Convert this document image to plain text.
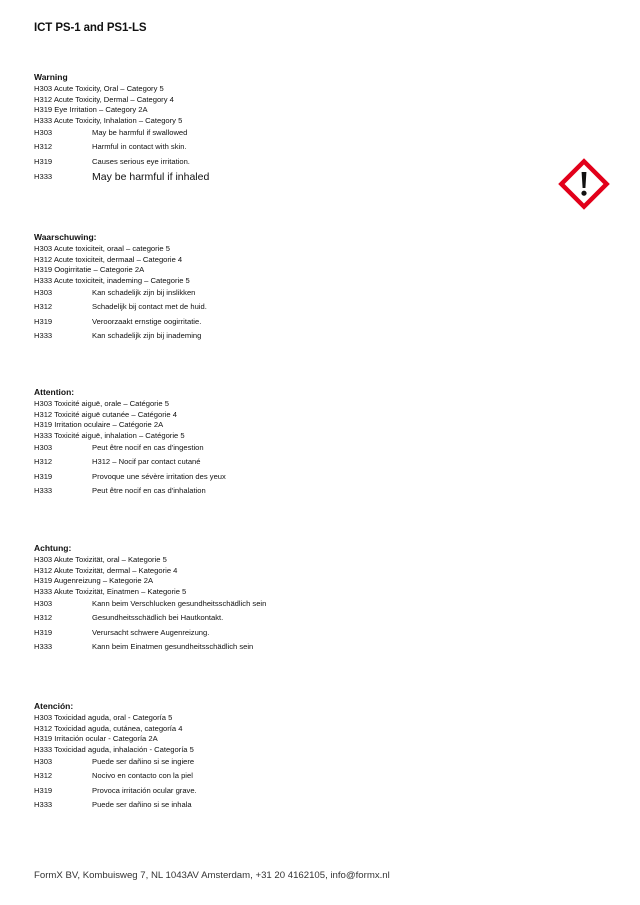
ICT PS-1 and PS1-LS
Warning
H303 Acute Toxicity, Oral – Category 5
H312 Acute Toxicity, Dermal – Category 4
H319 Eye Irritation – Category 2A
H333 Acute Toxicity, Inhalation – Category 5
H303	May be harmful if swallowed
H312	Harmful in contact with skin.
H319	Causes serious eye irritation.
H333	May be harmful if inhaled
Waarschuwing:
H303 Acute toxiciteit, oraal – categorie 5
H312 Acute toxiciteit, dermaal – Categorie 4
H319 Oogirritatie – Categorie 2A
H333 Acute toxiciteit, inademing – Categorie 5
H303	Kan schadelijk zijn bij inslikken
H312	Schadelijk bij contact met de huid.
H319	Veroorzaakt ernstige oogirritatie.
H333	Kan schadelijk zijn bij inademing
Attention:
H303 Toxicité aiguë, orale – Catégorie 5
H312 Toxicité aiguë cutanée – Catégorie 4
H319 Irritation oculaire – Catégorie 2A
H333 Toxicité aiguë, inhalation – Catégorie 5
H303	Peut être nocif en cas d'ingestion
H312	H312 – Nocif par contact cutané
H319	Provoque une sévère irritation des yeux
H333	Peut être nocif en cas d'inhalation
Achtung:
H303 Akute Toxizität, oral – Kategorie 5
H312 Akute Toxizität, dermal – Kategorie 4
H319 Augenreizung – Kategorie 2A
H333 Akute Toxizität, Einatmen – Kategorie 5
H303	Kann beim Verschlucken gesundheitsschädlich sein
H312	Gesundheitsschädlich bei Hautkontakt.
H319	Verursacht schwere Augenreizung.
H333	Kann beim Einatmen gesundheitsschädlich sein
Atención:
H303 Toxicidad aguda, oral - Categoría 5
H312 Toxicidad aguda, cutánea, categoría 4
H319 Irritación ocular - Categoría 2A
H333 Toxicidad aguda, inhalación - Categoría 5
H303	Puede ser dañino si se ingiere
H312	Nocivo en contacto con la piel
H319	Provoca irritación ocular grave.
H333	Puede ser dañino si se inhala
FormX BV, Kombuisweg 7, NL 1043AV Amsterdam, +31 20 4162105, info@formx.nl
